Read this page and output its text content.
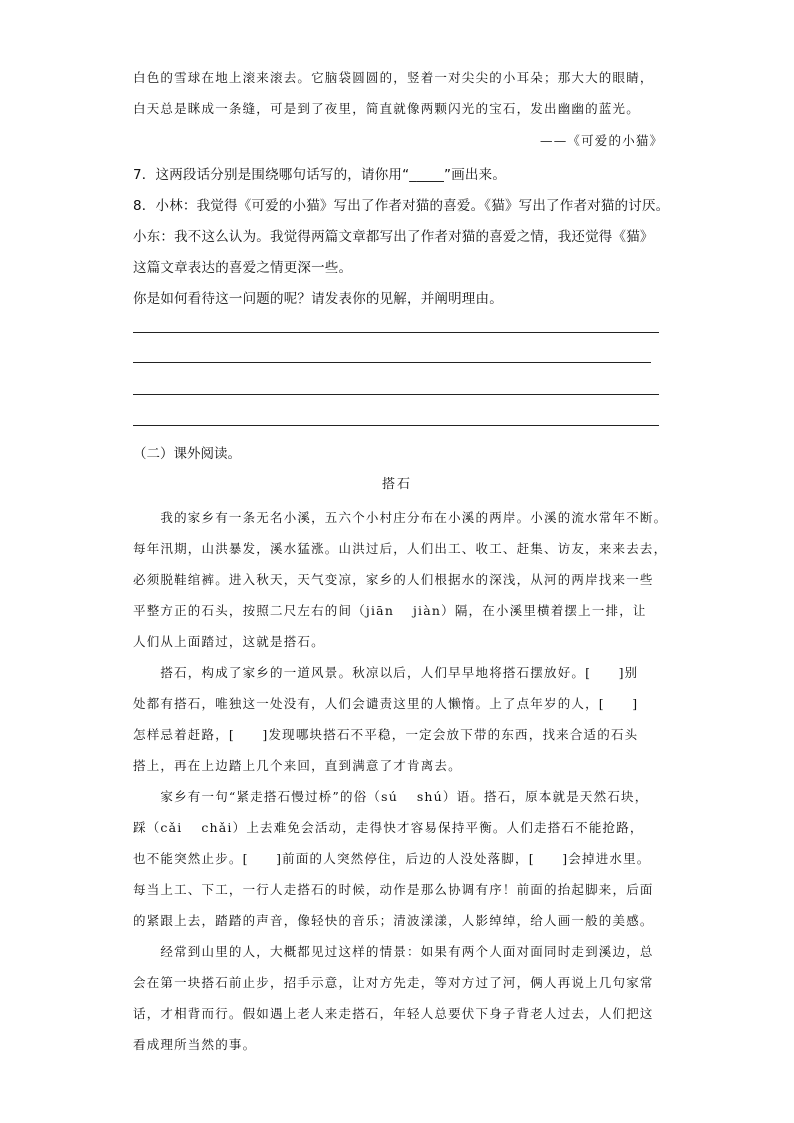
白色的雪球在地上滚来滚去。它脑袋圆圆的，竖着一对尖尖的小耳朵；那大大的眼睛，
白天总是眯成一条缝，可是到了夜里，简直就像两颗闪光的宝石，发出幽幽的蓝光。
——《可爱的小猫》
7．这两段话分别是围绕哪句话写的，请你用“_____”画出来。
8．小林：我觉得《可爱的小猫》写出了作者对猫的喜爱。《猫》写出了作者对猫的讨厌。
小东：我不这么认为。我觉得两篇文章都写出了作者对猫的喜爱之情，我还觉得《猫》
这篇文章表达的喜爱之情更深一些。
你是如何看待这一问题的呢？请发表你的见解，并阐明理由。
（二）课外阅读。
搭石
　　我的家乡有一条无名小溪，五六个小村庄分布在小溪的两岸。小溪的流水常年不断。
每年汛期，山洪暴发，溪水猛涨。山洪过后，人们出工、收工、赶集、访友，来来去去，
必须脱鞋绾裤。进入秋天，天气变凉，家乡的人们根据水的深浅，从河的两岸找来一些
平整方正的石头，按照二尺左右的间（jiān　 jiàn）隔，在小溪里横着摆上一排，让
人们从上面踏过，这就是搭石。
　　搭石，构成了家乡的一道风景。秋凉以后，人们早早地将搭石摆放好。[　　]别
处都有搭石，唯独这一处没有，人们会谴责这里的人懒惰。上了点年岁的人，[　　]
怎样忌着赶路，[　　]发现哪块搭石不平稳，一定会放下带的东西，找来合适的石头
搭上，再在上边踏上几个来回，直到满意了才肯离去。
　　家乡有一句“紧走搭石慢过桥”的俗（sú　 shú）语。搭石，原本就是天然石块，
踩（cǎi　 chǎi）上去难免会活动，走得快才容易保持平衡。人们走搭石不能抢路，
也不能突然止步。[　　]前面的人突然停住，后边的人没处落脚，[　　]会掉进水里。
每当上工、下工，一行人走搭石的时候，动作是那么协调有序！前面的抬起脚来，后面
的紧跟上去，踏踏的声音，像轻快的音乐；清波漾漾，人影绰绰，给人画一般的美感。
　　经常到山里的人，大概都见过这样的情景：如果有两个人面对面同时走到溪边，总
会在第一块搭石前止步，招手示意，让对方先走，等对方过了河，俩人再说上几句家常
话，才相背而行。假如遇上老人来走搭石，年轻人总要伏下身子背老人过去，人们把这
看成理所当然的事。
